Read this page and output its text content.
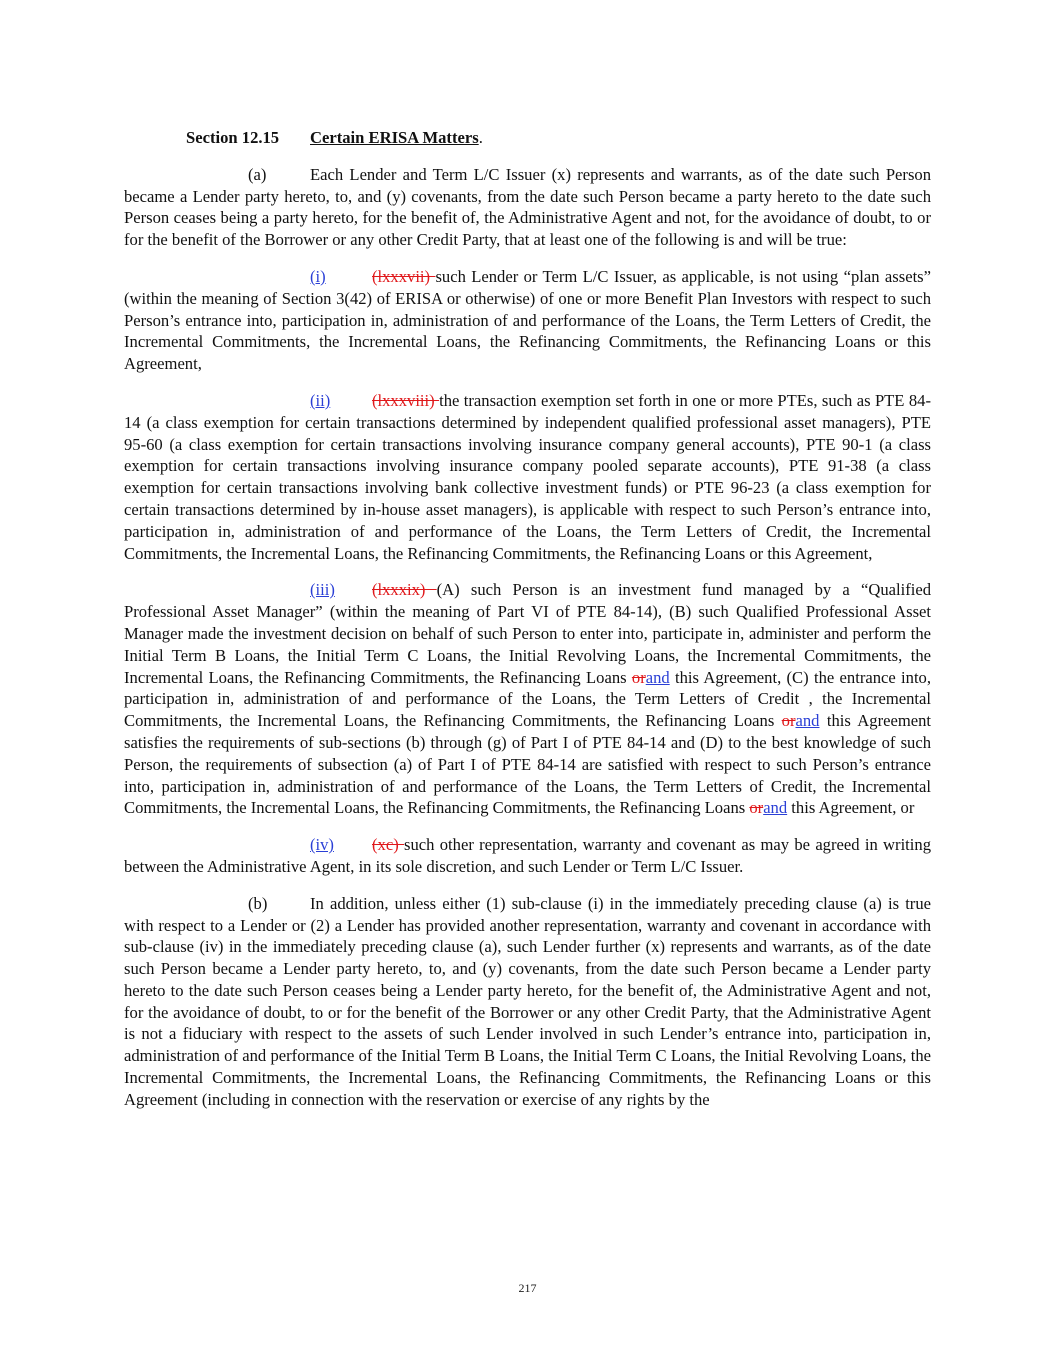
Section 12.15 Certain ERISA Matters.

(a)	Each Lender and Term L/C Issuer (x) represents and warrants, as of the date such Person became a Lender party hereto, to, and (y) covenants, from the date such Person became a party hereto to the date such Person ceases being a party hereto, for the benefit of, the Administrative Agent and not, for the avoidance of doubt, to or for the benefit of the Borrower or any other Credit Party, that at least one of the following is and will be true:

(i)	(lxxxvii) such Lender or Term L/C Issuer, as applicable, is not using “plan assets” (within the meaning of Section 3(42) of ERISA or otherwise) of one or more Benefit Plan Investors with respect to such Person’s entrance into, participation in, administration of and performance of the Loans, the Term Letters of Credit, the Incremental Commitments, the Incremental Loans, the Refinancing Commitments, the Refinancing Loans or this Agreement,

(ii)	(lxxxviii) the transaction exemption set forth in one or more PTEs, such as PTE 84-14 (a class exemption for certain transactions determined by independent qualified professional asset managers), PTE 95-60 (a class exemption for certain transactions involving insurance company general accounts), PTE 90-1 (a class exemption for certain transactions involving insurance company pooled separate accounts), PTE 91-38 (a class exemption for certain transactions involving bank collective investment funds) or PTE 96-23 (a class exemption for certain transactions determined by in-house asset managers), is applicable with respect to such Person’s entrance into, participation in, administration of and performance of the Loans, the Term Letters of Credit, the Incremental Commitments, the Incremental Loans, the Refinancing Commitments, the Refinancing Loans or this Agreement,

(iii) (lxxxix) (A) such Person is an investment fund managed by a “Qualified Professional Asset Manager” (within the meaning of Part VI of PTE 84-14), (B) such Qualified Professional Asset Manager made the investment decision on behalf of such Person to enter into, participate in, administer and perform the Initial Term B Loans, the Initial Term C Loans, the Initial Revolving Loans, the Incremental Commitments, the Incremental Loans, the Refinancing Commitments, the Refinancing Loans orand this Agreement, (C) the entrance into, participation in, administration of and performance of the Loans, the Term Letters of Credit , the Incremental Commitments, the Incremental Loans, the Refinancing Commitments, the Refinancing Loans orand this Agreement satisfies the requirements of sub-sections (b) through (g) of Part I of PTE 84-14 and (D) to the best knowledge of such Person, the requirements of subsection (a) of Part I of PTE 84-14 are satisfied with respect to such Person’s entrance into, participation in, administration of and performance of the Loans, the Term Letters of Credit, the Incremental Commitments, the Incremental Loans, the Refinancing Commitments, the Refinancing Loans orand this Agreement, or

(iv) (xc) such other representation, warranty and covenant as may be agreed in writing between the Administrative Agent, in its sole discretion, and such Lender or Term L/C Issuer.

(b)	In addition, unless either (1) sub-clause (i) in the immediately preceding clause (a) is true with respect to a Lender or (2) a Lender has provided another representation, warranty and covenant in accordance with sub-clause (iv) in the immediately preceding clause (a), such Lender further (x) represents and warrants, as of the date such Person became a Lender party hereto, to, and (y) covenants, from the date such Person became a Lender party hereto to the date such Person ceases being a Lender party hereto, for the benefit of, the Administrative Agent and not, for the avoidance of doubt, to or for the benefit of the Borrower or any other Credit Party, that the Administrative Agent is not a fiduciary with respect to the assets of such Lender involved in such Lender’s entrance into, participation in, administration of and performance of the Initial Term B Loans, the Initial Term C Loans, the Initial Revolving Loans, the Incremental Commitments, the Incremental Loans, the Refinancing Commitments, the Refinancing Loans or this Agreement (including in connection with the reservation or exercise of any rights by the

217
